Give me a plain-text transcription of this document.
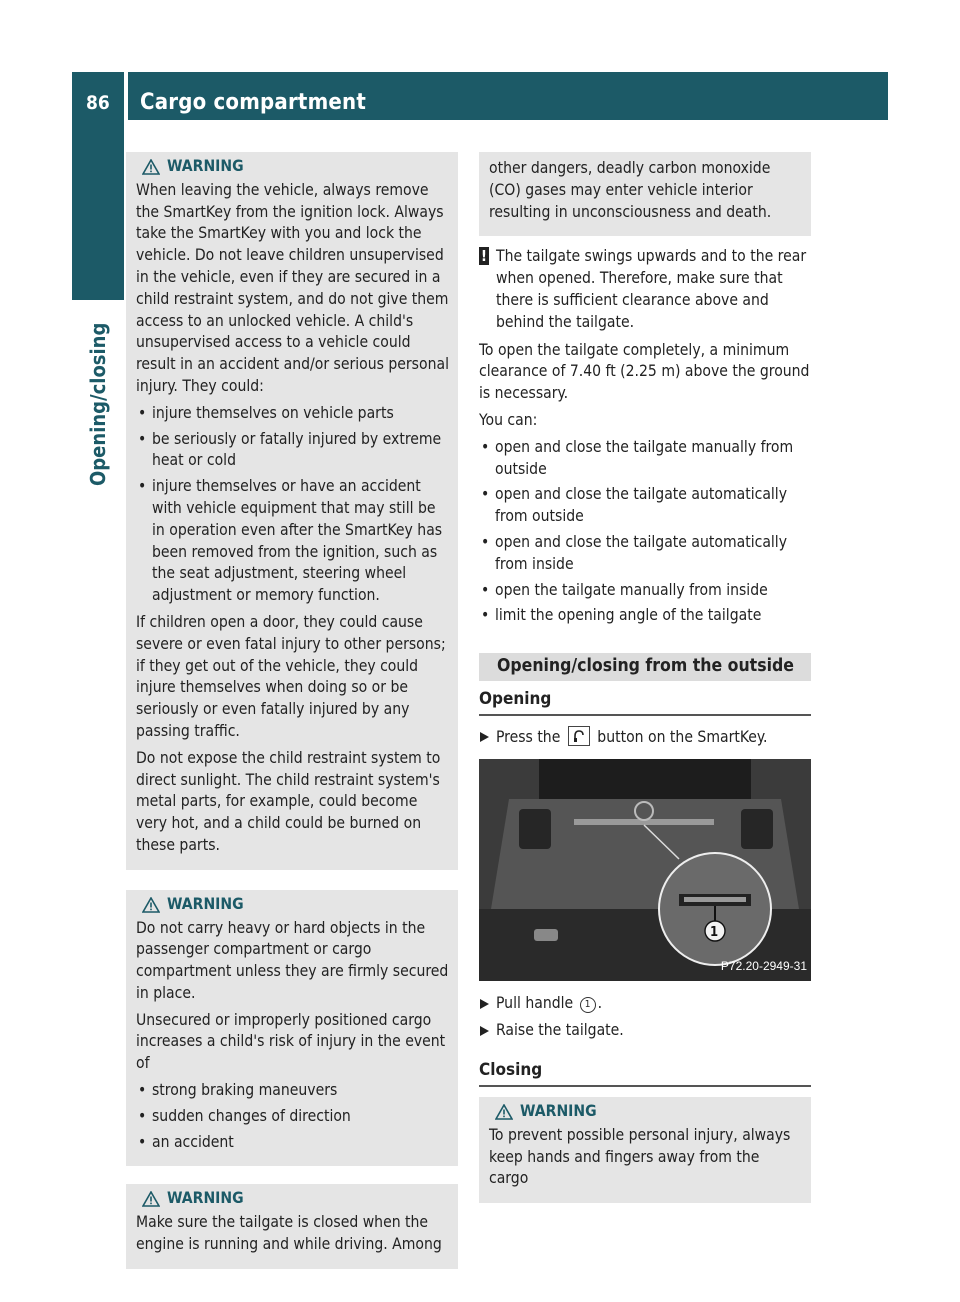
86 Cargo compartment
Opening/closing
WARNING

When leaving the vehicle, always remove the SmartKey from the ignition lock. Always take the SmartKey with you and lock the vehicle. Do not leave children unsupervised in the vehicle, even if they are secured in a child restraint system, and do not give them access to an unlocked vehicle. A child's unsupervised access to a vehicle could result in an accident and/or serious personal injury. They could:

• injure themselves on vehicle parts
• be seriously or fatally injured by extreme heat or cold
• injure themselves or have an accident with vehicle equipment that may still be in operation even after the SmartKey has been removed from the ignition, such as the seat adjustment, steering wheel adjustment or memory function.

If children open a door, they could cause severe or even fatal injury to other persons; if they get out of the vehicle, they could injure themselves when doing so or be seriously or even fatally injured by any passing traffic.

Do not expose the child restraint system to direct sunlight. The child restraint system's metal parts, for example, could become very hot, and a child could be burned on these parts.

WARNING

Do not carry heavy or hard objects in the passenger compartment or cargo compartment unless they are firmly secured in place.

Unsecured or improperly positioned cargo increases a child's risk of injury in the event of

• strong braking maneuvers
• sudden changes of direction
• an accident
WARNING

Make sure the tailgate is closed when the engine is running and while driving. Among

other dangers, deadly carbon monoxide (CO) gases may enter vehicle interior resulting in unconsciousness and death.

! The tailgate swings upwards and to the rear when opened. Therefore, make sure that there is sufficient clearance above and behind the tailgate.

To open the tailgate completely, a minimum clearance of 7.40 ft (2.25 m) above the ground is necessary.

You can:

• open and close the tailgate manually from outside
• open and close the tailgate automatically from outside
• open and close the tailgate automatically from inside
• open the tailgate manually from inside
• limit the opening angle of the tailgate
Opening/closing from the outside
Opening
Press the button on the SmartKey.
1
P72.20-2949-31
Pull handle 1 .
Raise the tailgate.
Closing
WARNING

To prevent possible personal injury, always keep hands and fingers away from the cargo
